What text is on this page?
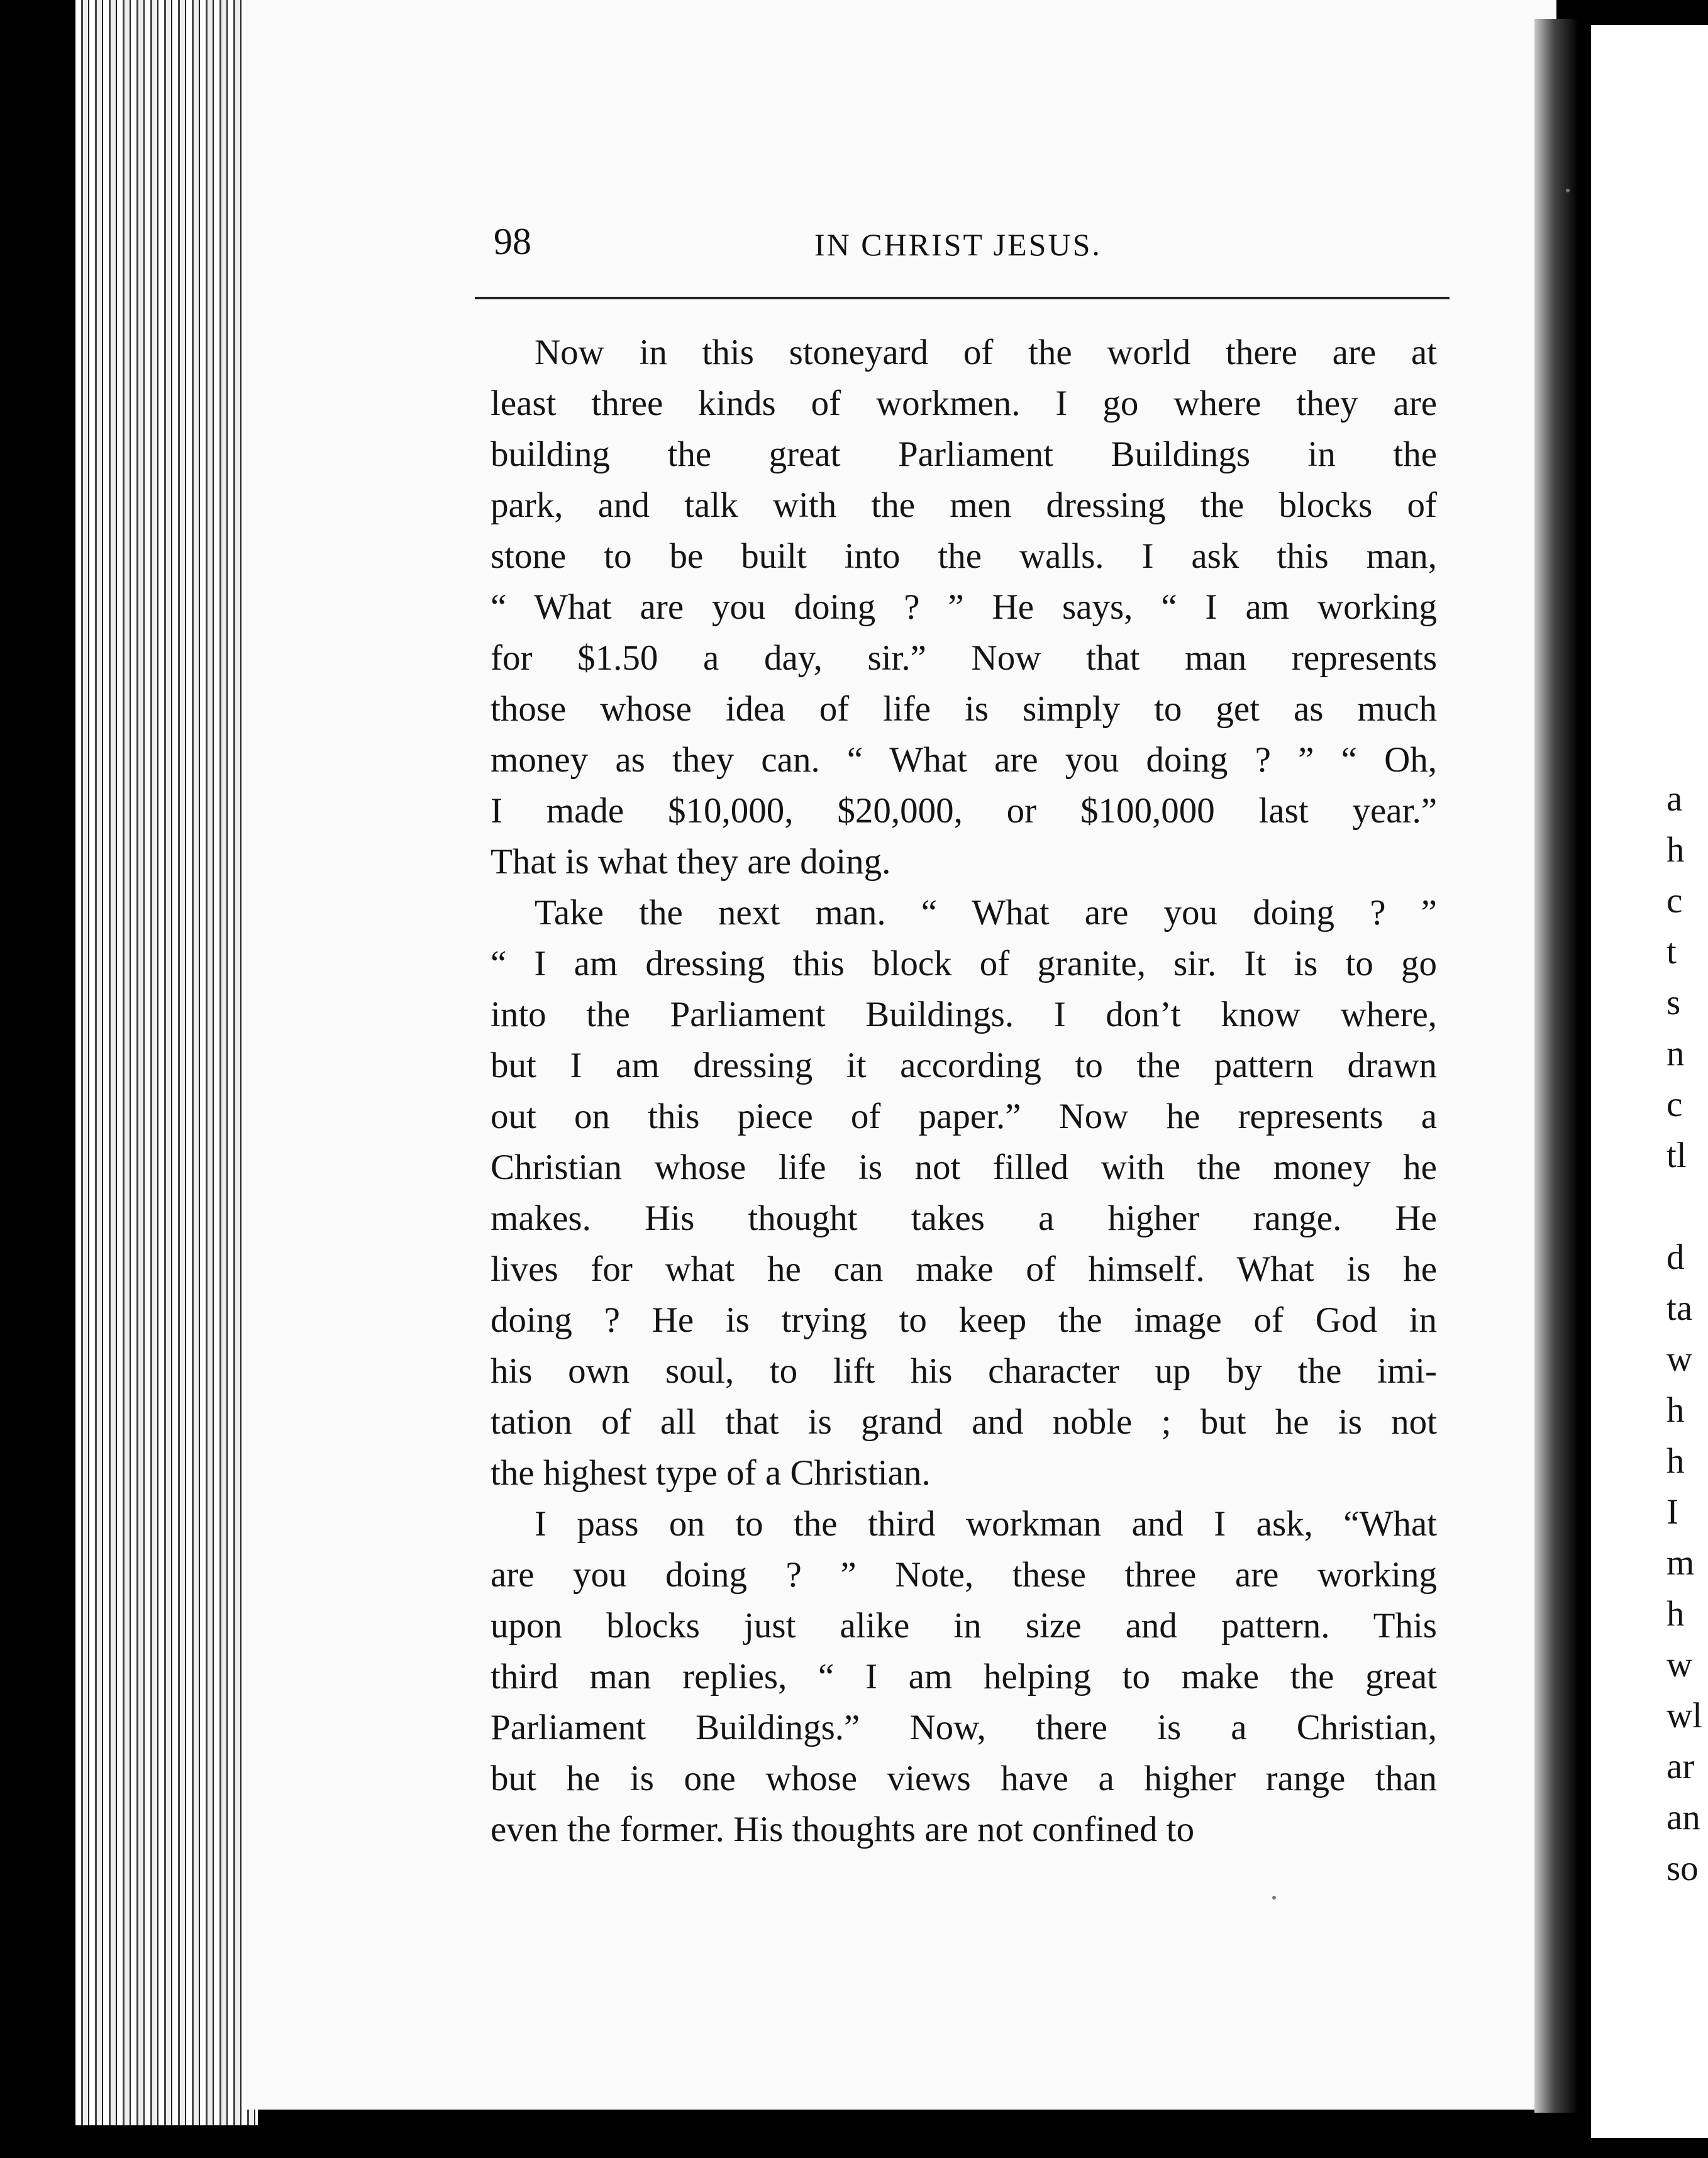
98	IN CHRIST JESUS.
Now in this stoneyard of the world there are at
least three kinds of workmen. I go where they are
building the great Parliament Buildings in the
park, and talk with the men dressing the blocks of
stone to be built into the walls. I ask this man,
“ What are you doing ? ” He says, “ I am working
for $1.50 a day, sir.” Now that man represents
those whose idea of life is simply to get as much
money as they can. “ What are you doing ? ” “ Oh,
I made $10,000, $20,000, or $100,000 last year.”
That is what they are doing.
Take the next man. “ What are you doing ? ”
“ I am dressing this block of granite, sir. It is to go
into the Parliament Buildings. I don’t know where,
but I am dressing it according to the pattern drawn
out on this piece of paper.” Now he represents a
Christian whose life is not filled with the money he
makes. His thought takes a higher range. He
lives for what he can make of himself. What is he
doing ? He is trying to keep the image of God in
his own soul, to lift his character up by the imi-
tation of all that is grand and noble ; but he is not
the highest type of a Christian.
I pass on to the third workman and I ask, “What
are you doing ? ” Note, these three are working
upon blocks just alike in size and pattern. This
third man replies, “ I am helping to make the great
Parliament Buildings.” Now, there is a Christian,
but he is one whose views have a higher range than
even the former. His thoughts are not confined to
a
h
c
t
s
n
c
tl
d
ta
w
h
h
I
m
h
w
wl
ar
an
so
